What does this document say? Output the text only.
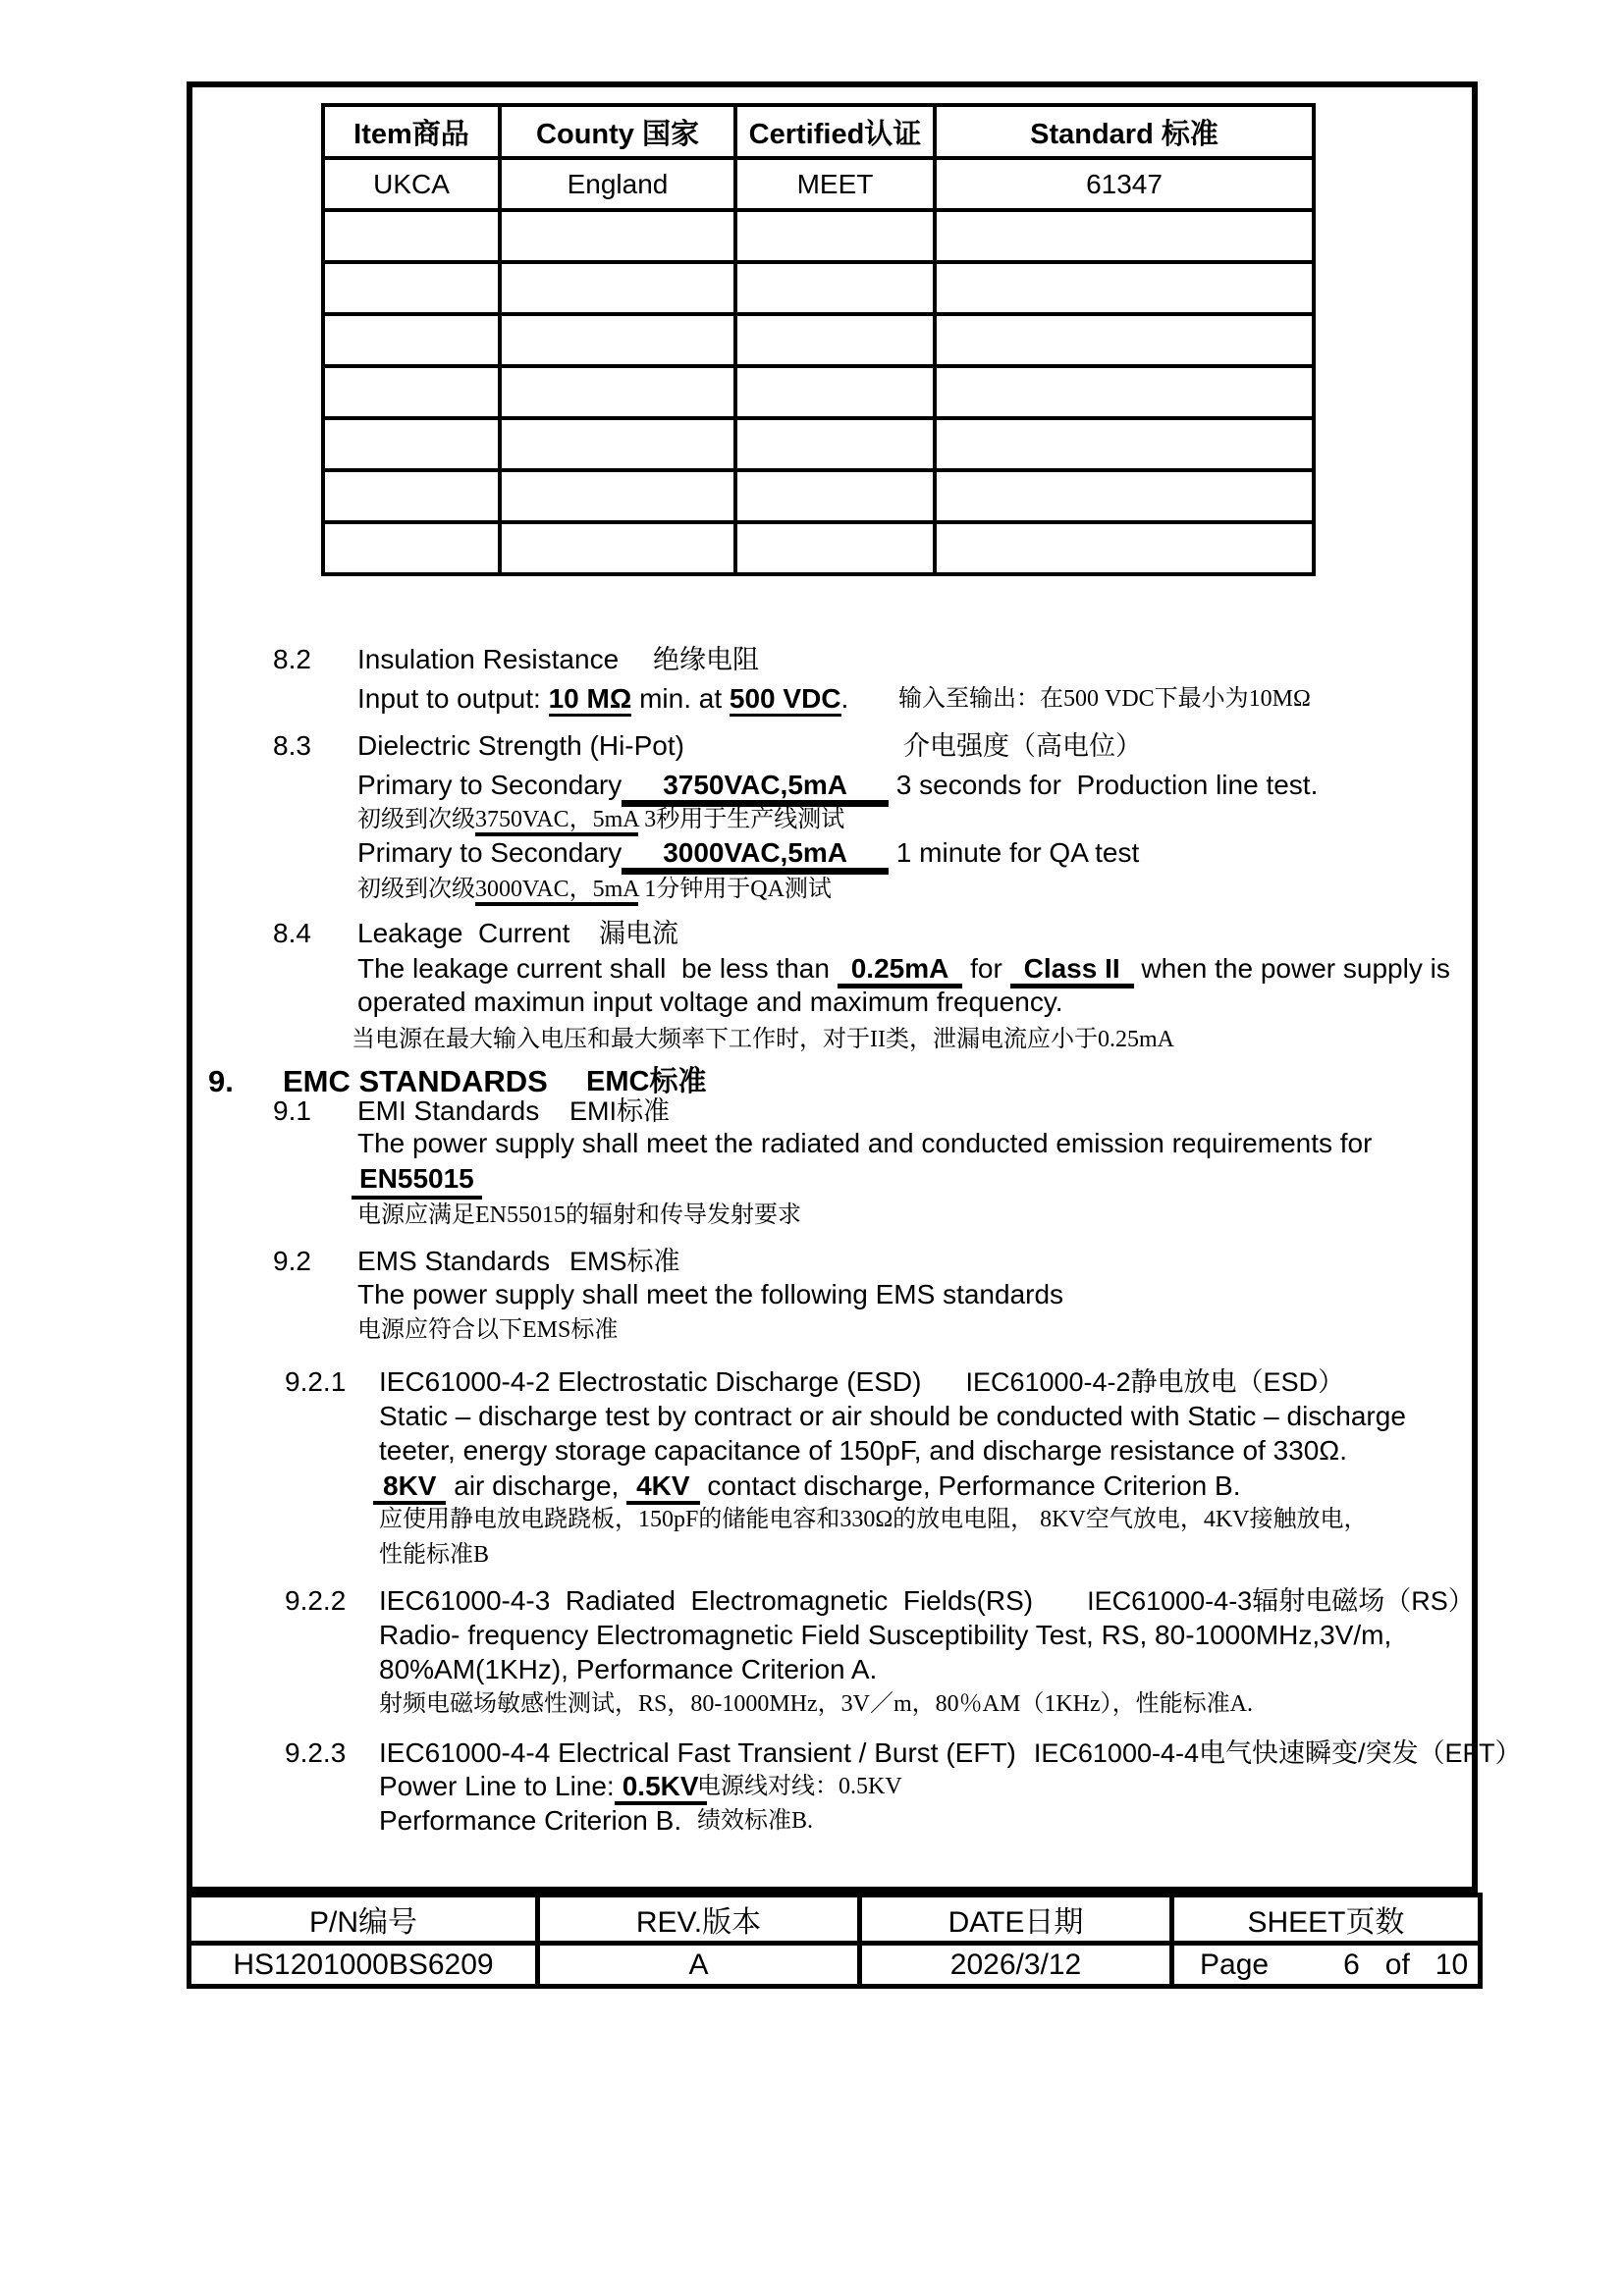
Item商品	County 国家	Certified认证	Standard 标准
UKCA	England	MEET	61347

8.2 Insulation Resistance 绝缘电阻
Input to output: 10 MΩ min. at 500 VDC. 输入至输出：在500 VDC下最小为10MΩ
8.3 Dielectric Strength (Hi-Pot)	介电强度（高电位）
Primary to Secondary 3750VAC,5mA 3 seconds for  Production line test.
初级到次级3750VAC，5mA 3秒用于生产线测试
Primary to Secondary 3000VAC,5mA 1 minute for QA test
初级到次级3000VAC，5mA 1分钟用于QA测试
8.4 Leakage  Current 漏电流
The leakage current shall  be less than 0.25mA for Class II when the power supply is
operated maximun input voltage and maximum frequency.
当电源在最大输入电压和最大频率下工作时，对于II类，泄漏电流应小于0.25mA
9. EMC STANDARDS EMC标准
9.1 EMI Standards EMI标准
The power supply shall meet the radiated and conducted emission requirements for
EN55015
电源应满足EN55015的辐射和传导发射要求
9.2 EMS Standards EMS标准
The power supply shall meet the following EMS standards
电源应符合以下EMS标准
9.2.1 IEC61000-4-2 Electrostatic Discharge (ESD) IEC61000-4-2静电放电（ESD）
Static – discharge test by contract or air should be conducted with Static – discharge
teeter, energy storage capacitance of 150pF, and discharge resistance of 330Ω.
8KV air discharge, 4KV contact discharge, Performance Criterion B.
应使用静电放电跷跷板，150pF的储能电容和330Ω的放电电阻， 8KV空气放电，4KV接触放电，
性能标准B
9.2.2 IEC61000-4-3  Radiated  Electromagnetic  Fields(RS) IEC61000-4-3辐射电磁场（RS）
Radio- frequency Electromagnetic Field Susceptibility Test, RS, 80-1000MHz,3V/m,
80%AM(1KHz), Performance Criterion A.
射频电磁场敏感性测试，RS，80-1000MHz，3V／m，80％AM（1KHz），性能标准A.
9.2.3 IEC61000-4-4 Electrical Fast Transient / Burst (EFT) IEC61000-4-4电气快速瞬变/突发（EFT）
Power Line to Line: 0.5KV
电源线对线：0.5KV
Performance Criterion B. 绩效标准B.
P/N编号	REV.版本	DATE日期	SHEET页数
HS1201000BS6209	A	2026/3/12	Page 6 of 10
